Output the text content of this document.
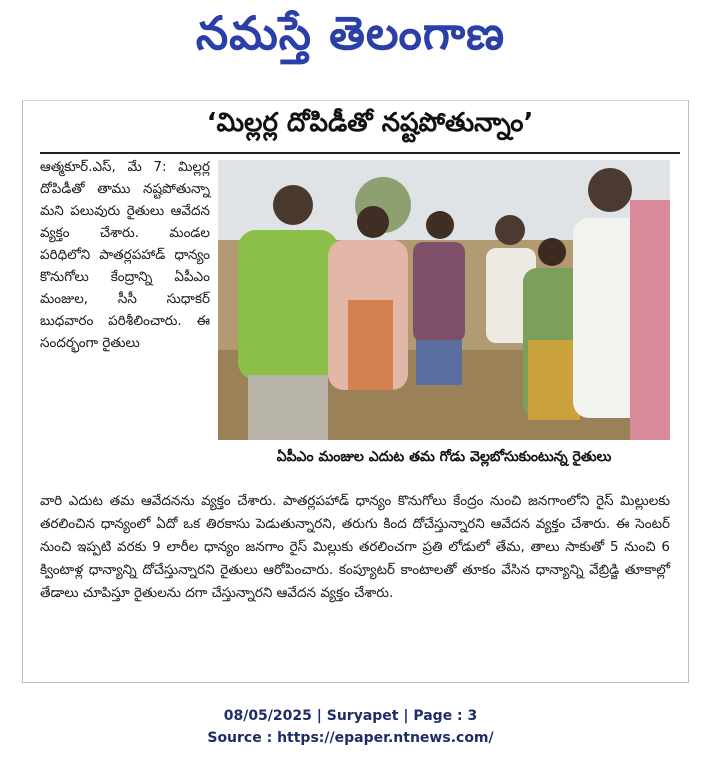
నమస్తే తెలంగాణ
‘మిల్లర్ల దోపిడీతో నష్టపోతున్నాం’

ఆత్మకూర్.ఎస్, మే 7: మిల్లర్ల దోపిడీతో తాము నష్టపోతున్నా మని పలువురు రైతులు ఆవేదన వ్యక్తం చేశారు. మండల పరిధిలోని పాతర్లపహాడ్ ధాన్యం కొనుగోలు కేంద్రాన్ని ఏపీఎం మంజుల, సీసీ సుధాకర్ బుధవారం పరిశీలించారు. ఈ సందర్భంగా రైతులు

ఏపీఎం మంజుల ఎదుట తమ గోడు వెల్లబోసుకుంటున్న రైతులు

వారి ఎదుట తమ ఆవేదనను వ్యక్తం చేశారు. పాతర్లపహాడ్ ధాన్యం కొనుగోలు కేంద్రం నుంచి జనగాంలోని రైస్ మిల్లులకు తరలించిన ధాన్యంలో ఏదో ఒక తిరకాసు పెడుతున్నారని, తరుగు కింద దోచేస్తున్నారని ఆవేదన వ్యక్తం చేశారు. ఈ సెంటర్ నుంచి ఇప్పటి వరకు 9 లారీల ధాన్యం జనగాం రైస్ మిల్లుకు తరలించగా ప్రతి లోడులో తేమ, తాలు సాకుతో 5 నుంచి 6 క్వింటాళ్ల ధాన్యాన్ని దోచేస్తున్నారని రైతులు ఆరోపించారు. కంప్యూటర్ కాంటాలతో తూకం వేసిన ధాన్యాన్ని వేబ్రిడ్జి తూకాల్లో తేడాలు చూపిస్తూ రైతులను దగా చేస్తున్నారని ఆవేదన వ్యక్తం చేశారు.

08/05/2025 | Suryapet | Page : 3
Source : https://epaper.ntnews.com/
